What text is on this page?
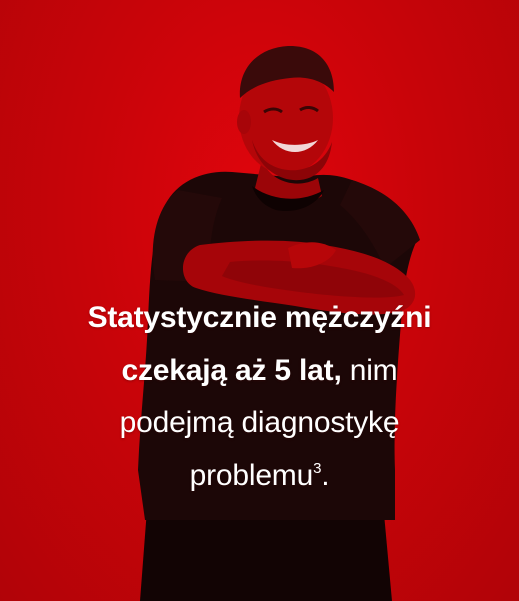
Statystycznie mężczyźni
czekają aż 5 lat, nim
podejmą diagnostykę
problemu$^3$.
